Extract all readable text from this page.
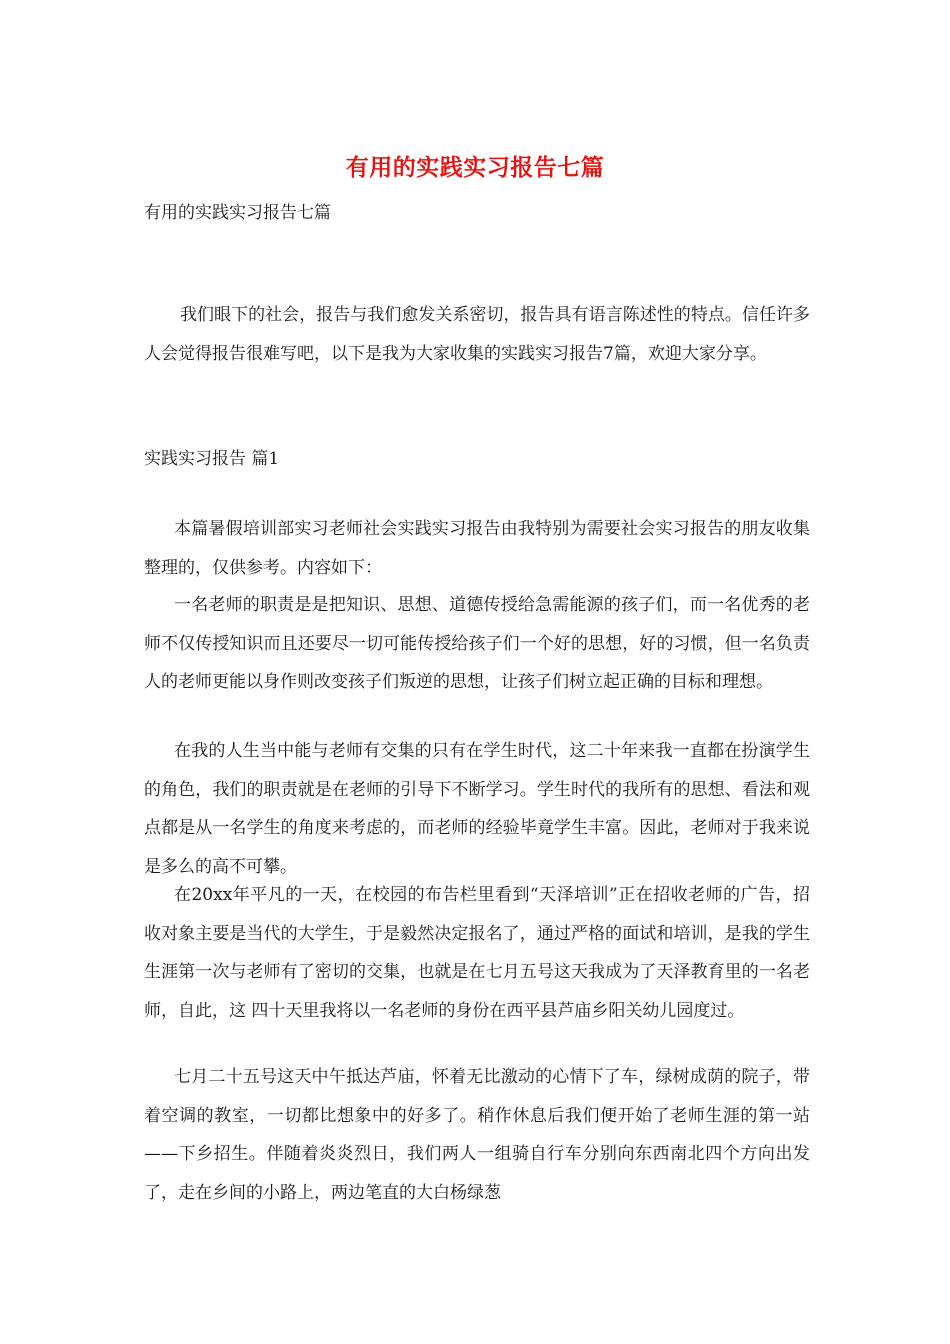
有用的实践实习报告七篇
有用的实践实习报告七篇

我们眼下的社会，报告与我们愈发关系密切，报告具有语言陈述性的特点。信任许多人会觉得报告很难写吧，以下是我为大家收集的实践实习报告7篇，欢迎大家分享。

实践实习报告 篇1

本篇暑假培训部实习老师社会实践实习报告由我特别为需要社会实习报告的朋友收集整理的，仅供参考。内容如下：

一名老师的职责是是把知识、思想、道德传授给急需能源的孩子们，而一名优秀的老师不仅传授知识而且还要尽一切可能传授给孩子们一个好的思想，好的习惯，但一名负责人的老师更能以身作则改变孩子们叛逆的思想，让孩子们树立起正确的目标和理想。

在我的人生当中能与老师有交集的只有在学生时代，这二十年来我一直都在扮演学生的角色，我们的职责就是在老师的引导下不断学习。学生时代的我所有的思想、看法和观点都是从一名学生的角度来考虑的，而老师的经验毕竟学生丰富。因此，老师对于我来说是多么的高不可攀。

在20xx年平凡的一天，在校园的布告栏里看到“天泽培训”正在招收老师的广告，招收对象主要是当代的大学生，于是毅然决定报名了，通过严格的面试和培训，是我的学生生涯第一次与老师有了密切的交集，也就是在七月五号这天我成为了天泽教育里的一名老师，自此，这 四十天里我将以一名老师的身份在西平县芦庙乡阳关幼儿园度过。

七月二十五号这天中午抵达芦庙，怀着无比激动的心情下了车，绿树成荫的院子，带着空调的教室，一切都比想象中的好多了。稍作休息后我们便开始了老师生涯的第一站——下乡招生。伴随着炎炎烈日，我们两人一组骑自行车分别向东西南北四个方向出发了，走在乡间的小路上，两边笔直的大白杨绿葱
